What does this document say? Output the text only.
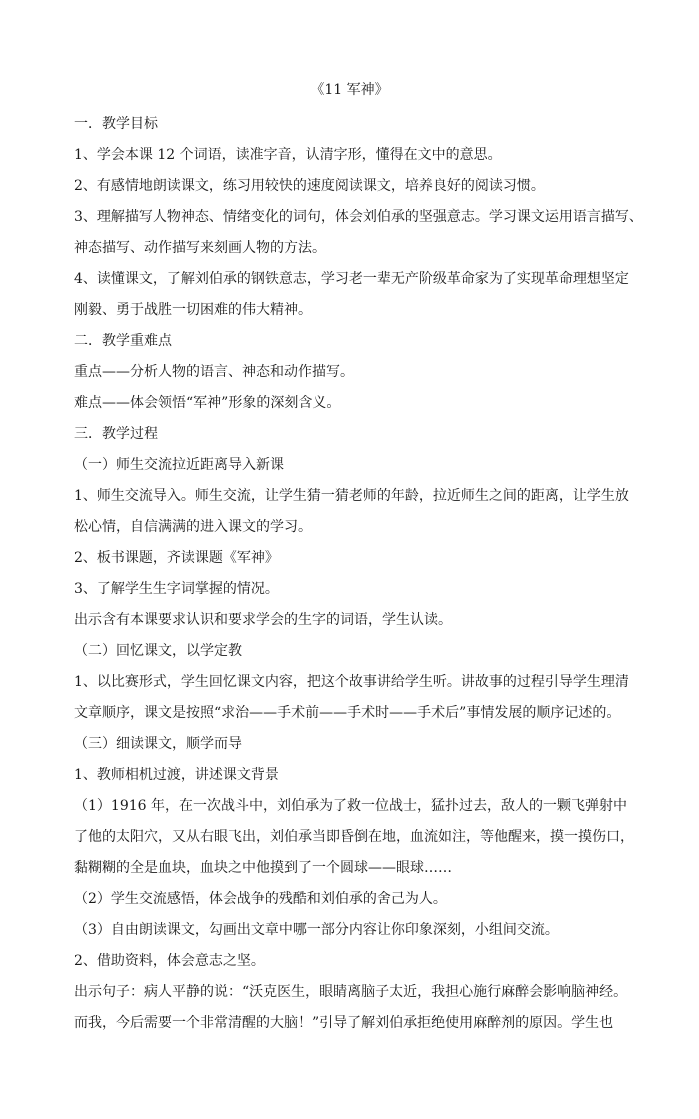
《11 军神》
一．教学目标
1、学会本课 12 个词语，读准字音，认清字形，懂得在文中的意思。
2、有感情地朗读课文，练习用较快的速度阅读课文，培养良好的阅读习惯。
3、理解描写人物神态、情绪变化的词句，体会刘伯承的坚强意志。学习课文运用语言描写、
神态描写、动作描写来刻画人物的方法。
4、读懂课文，了解刘伯承的钢铁意志，学习老一辈无产阶级革命家为了实现革命理想坚定
刚毅、勇于战胜一切困难的伟大精神。
二．教学重难点
重点——分析人物的语言、神态和动作描写。
难点——体会领悟“军神”形象的深刻含义。
三．教学过程
（一）师生交流拉近距离导入新课
1、师生交流导入。师生交流，让学生猜一猜老师的年龄，拉近师生之间的距离，让学生放
松心情，自信满满的进入课文的学习。
2、板书课题，齐读课题《军神》
3、了解学生生字词掌握的情况。
出示含有本课要求认识和要求学会的生字的词语，学生认读。
（二）回忆课文，以学定教
1、以比赛形式，学生回忆课文内容，把这个故事讲给学生听。讲故事的过程引导学生理清
文章顺序，课文是按照“求治——手术前——手术时——手术后”事情发展的顺序记述的。
（三）细读课文，顺学而导
1、教师相机过渡，讲述课文背景
（1）1916 年，在一次战斗中，刘伯承为了救一位战士，猛扑过去，敌人的一颗飞弹射中
了他的太阳穴，又从右眼飞出，刘伯承当即昏倒在地，血流如注，等他醒来，摸一摸伤口，
黏糊糊的全是血块，血块之中他摸到了一个圆球——眼球……
（2）学生交流感悟，体会战争的残酷和刘伯承的舍己为人。
（3）自由朗读课文，勾画出文章中哪一部分内容让你印象深刻，小组间交流。
2、借助资料，体会意志之坚。
出示句子：病人平静的说：“沃克医生，眼睛离脑子太近，我担心施行麻醉会影响脑神经。
而我，今后需要一个非常清醒的大脑！”引导了解刘伯承拒绝使用麻醉剂的原因。学生也
